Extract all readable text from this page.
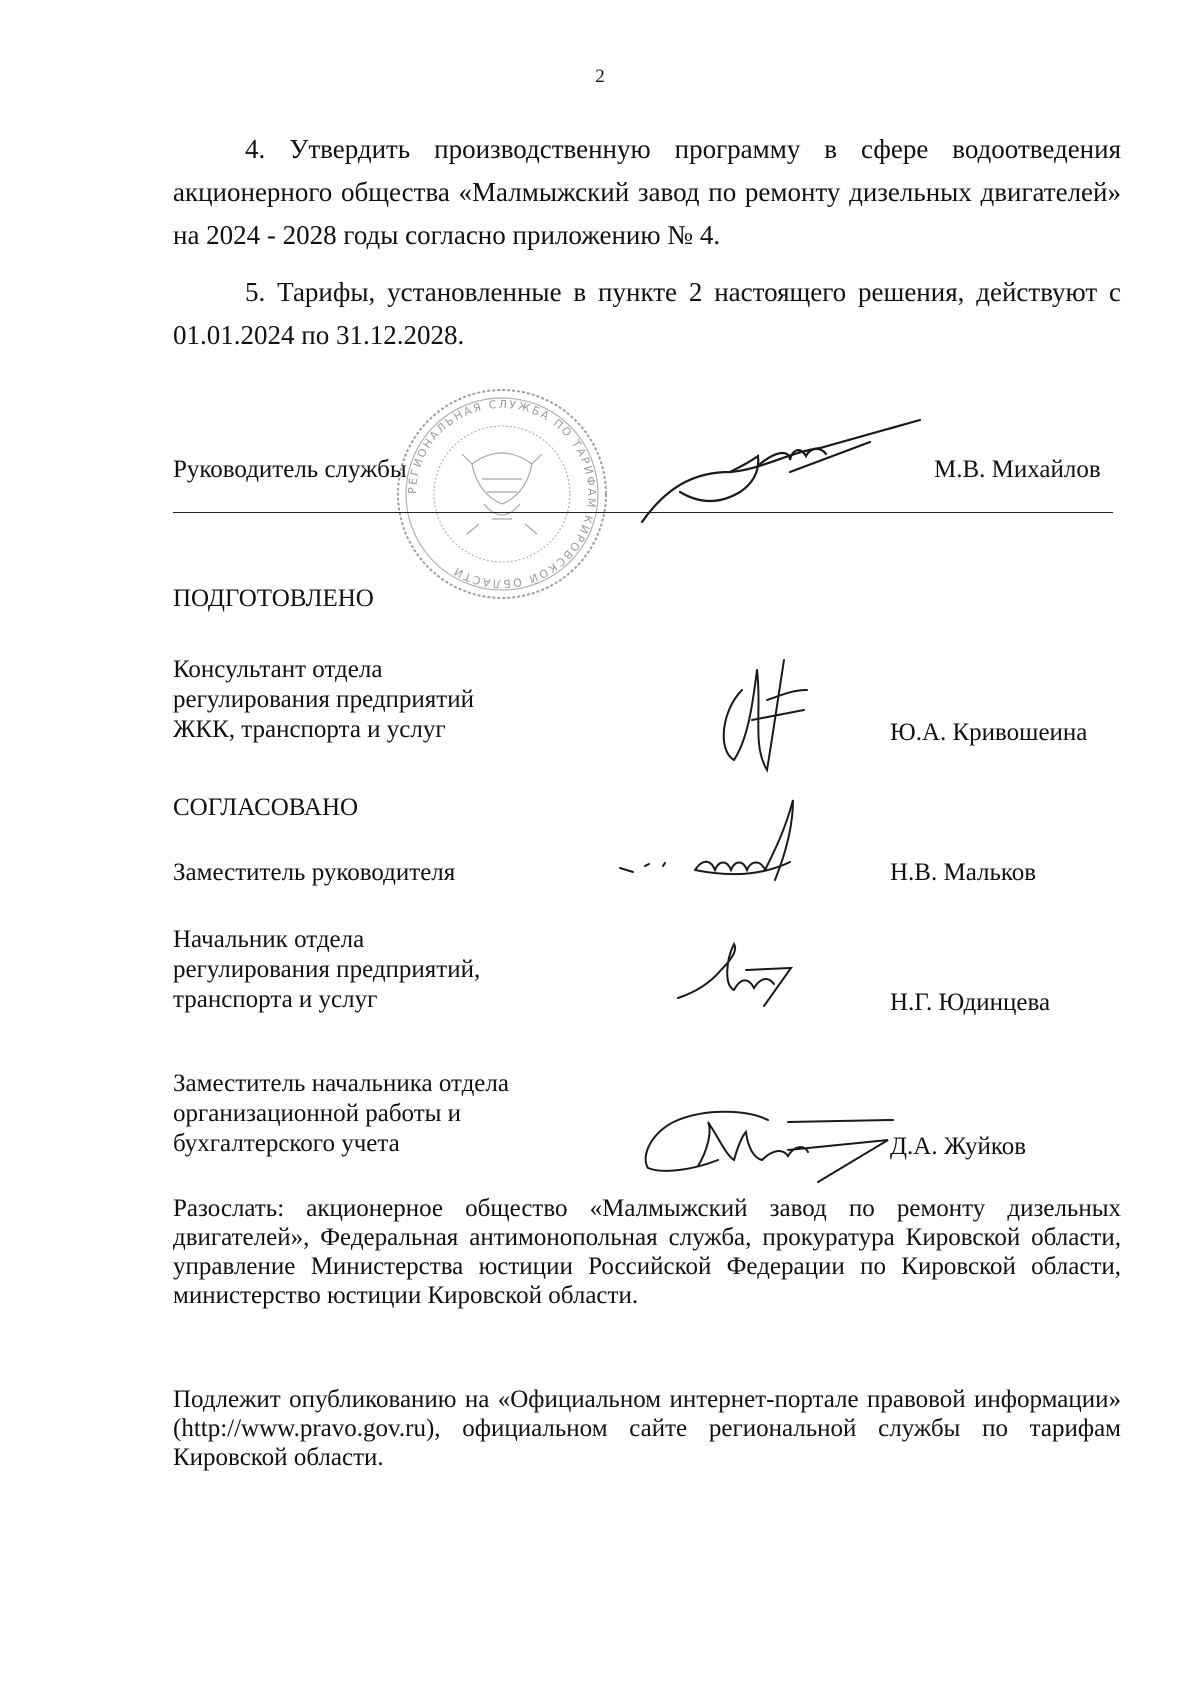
2

4. Утвердить производственную программу в сфере водоотведения акционерного общества «Малмыжский завод по ремонту дизельных двигателей» на 2024 - 2028 годы согласно приложению № 4.

5. Тарифы, установленные в пункте 2 настоящего решения, действуют с 01.01.2024 по 31.12.2028.

РЕГИОНАЛЬНАЯ СЛУЖБА ПО ТАРИФАМ КИРОВСКОЙ ОБЛАСТИ
Руководитель службы	М.В. Михайлов
ПОДГОТОВЛЕНО
Консультант отдела
регулирования предприятий
ЖКК, транспорта и услуг	Ю.А. Кривошеина
СОГЛАСОВАНО
Заместитель руководителя	Н.В. Мальков
Начальник отдела
регулирования предприятий,
транспорта и услуг	Н.Г. Юдинцева
Заместитель начальника отдела
организационной работы и
бухгалтерского учета	Д.А. Жуйков

Разослать: акционерное общество «Малмыжский завод по ремонту дизельных двигателей», Федеральная антимонопольная служба, прокуратура Кировской области, управление Министерства юстиции Российской Федерации по Кировской области, министерство юстиции Кировской области.

Подлежит опубликованию на «Официальном интернет-портале правовой информации» (http://www.pravo.gov.ru), официальном сайте региональной службы по тарифам Кировской области.
